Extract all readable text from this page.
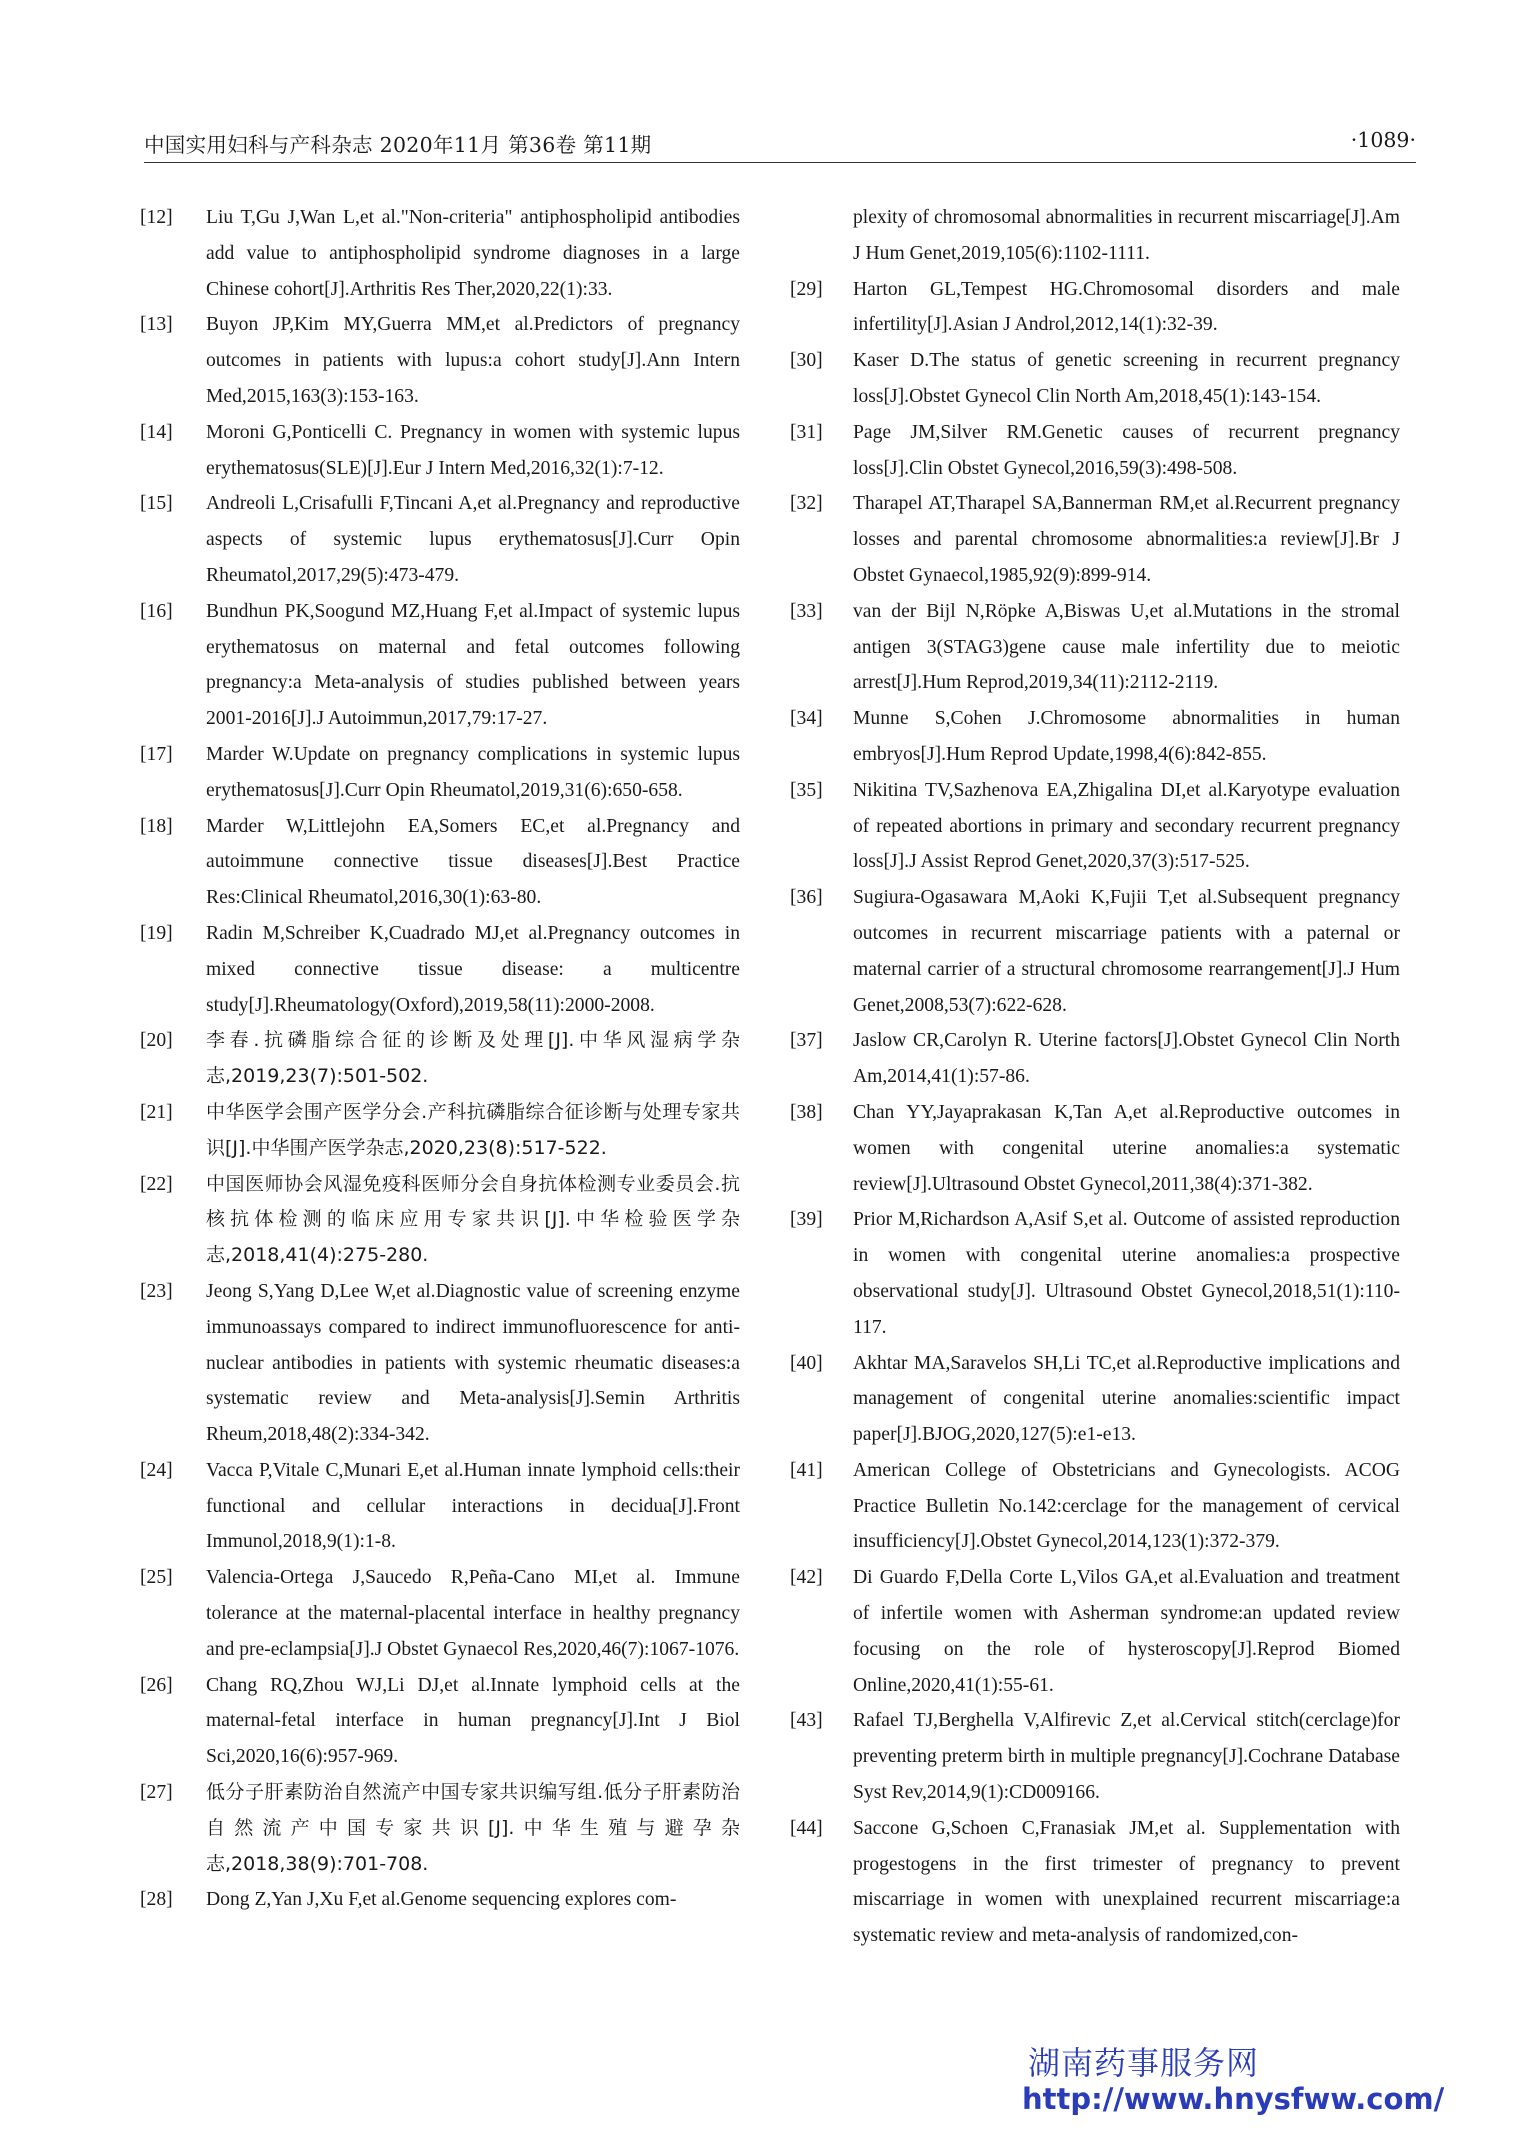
中国实用妇科与产科杂志 2020年11月 第36卷 第11期	·1089·
[12]	Liu T,Gu J,Wan L,et al."Non-criteria" antiphospholipid antibodies add value to antiphospholipid syndrome diagnoses in a large Chinese cohort[J].Arthritis Res Ther,2020,22(1):33.
[13]	Buyon JP,Kim MY,Guerra MM,et al.Predictors of pregnancy outcomes in patients with lupus:a cohort study[J].Ann Intern Med,2015,163(3):153-163.
[14]	Moroni G,Ponticelli C. Pregnancy in women with systemic lupus erythematosus(SLE)[J].Eur J Intern Med,2016,32(1):7-12.
[15]	Andreoli L,Crisafulli F,Tincani A,et al.Pregnancy and reproductive aspects of systemic lupus erythematosus[J].Curr Opin Rheumatol,2017,29(5):473-479.
[16]	Bundhun PK,Soogund MZ,Huang F,et al.Impact of systemic lupus erythematosus on maternal and fetal outcomes following pregnancy:a Meta-analysis of studies published between years 2001-2016[J].J Autoimmun,2017,79:17-27.
[17]	Marder W.Update on pregnancy complications in systemic lupus erythematosus[J].Curr Opin Rheumatol,2019,31(6):650-658.
[18]	Marder W,Littlejohn EA,Somers EC,et al.Pregnancy and autoimmune connective tissue diseases[J].Best Practice Res:Clinical Rheumatol,2016,30(1):63-80.
[19]	Radin M,Schreiber K,Cuadrado MJ,et al.Pregnancy outcomes in mixed connective tissue disease: a multicentre study[J].Rheumatology(Oxford),2019,58(11):2000-2008.
[20]	李春.抗磷脂综合征的诊断及处理[J].中华风湿病学杂志,2019,23(7):501-502.
[21]	中华医学会围产医学分会.产科抗磷脂综合征诊断与处理专家共识[J].中华围产医学杂志,2020,23(8):517-522.
[22]	中国医师协会风湿免疫科医师分会自身抗体检测专业委员会.抗核抗体检测的临床应用专家共识[J].中华检验医学杂志,2018,41(4):275-280.
[23]	Jeong S,Yang D,Lee W,et al.Diagnostic value of screening enzyme immunoassays compared to indirect immunofluorescence for anti-nuclear antibodies in patients with systemic rheumatic diseases:a systematic review and Meta-analysis[J].Semin Arthritis Rheum,2018,48(2):334-342.
[24]	Vacca P,Vitale C,Munari E,et al.Human innate lymphoid cells:their functional and cellular interactions in decidua[J].Front Immunol,2018,9(1):1-8.
[25]	Valencia-Ortega J,Saucedo R,Peña-Cano MI,et al. Immune tolerance at the maternal-placental interface in healthy pregnancy and pre-eclampsia[J].J Obstet Gynaecol Res,2020,46(7):1067-1076.
[26]	Chang RQ,Zhou WJ,Li DJ,et al.Innate lymphoid cells at the maternal-fetal interface in human pregnancy[J].Int J Biol Sci,2020,16(6):957-969.
[27]	低分子肝素防治自然流产中国专家共识编写组.低分子肝素防治自然流产中国专家共识[J].中华生殖与避孕杂志,2018,38(9):701-708.
[28]	Dong Z,Yan J,Xu F,et al.Genome sequencing explores com-
plexity of chromosomal abnormalities in recurrent miscarriage[J].Am J Hum Genet,2019,105(6):1102-1111.
[29]	Harton GL,Tempest HG.Chromosomal disorders and male infertility[J].Asian J Androl,2012,14(1):32-39.
[30]	Kaser D.The status of genetic screening in recurrent pregnancy loss[J].Obstet Gynecol Clin North Am,2018,45(1):143-154.
[31]	Page JM,Silver RM.Genetic causes of recurrent pregnancy loss[J].Clin Obstet Gynecol,2016,59(3):498-508.
[32]	Tharapel AT,Tharapel SA,Bannerman RM,et al.Recurrent pregnancy losses and parental chromosome abnormalities:a review[J].Br J Obstet Gynaecol,1985,92(9):899-914.
[33]	van der Bijl N,Röpke A,Biswas U,et al.Mutations in the stromal antigen 3(STAG3)gene cause male infertility due to meiotic arrest[J].Hum Reprod,2019,34(11):2112-2119.
[34]	Munne S,Cohen J.Chromosome abnormalities in human embryos[J].Hum Reprod Update,1998,4(6):842-855.
[35]	Nikitina TV,Sazhenova EA,Zhigalina DI,et al.Karyotype evaluation of repeated abortions in primary and secondary recurrent pregnancy loss[J].J Assist Reprod Genet,2020,37(3):517-525.
[36]	Sugiura-Ogasawara M,Aoki K,Fujii T,et al.Subsequent pregnancy outcomes in recurrent miscarriage patients with a paternal or maternal carrier of a structural chromosome rearrangement[J].J Hum Genet,2008,53(7):622-628.
[37]	Jaslow CR,Carolyn R. Uterine factors[J].Obstet Gynecol Clin North Am,2014,41(1):57-86.
[38]	Chan YY,Jayaprakasan K,Tan A,et al.Reproductive outcomes in women with congenital uterine anomalies:a systematic review[J].Ultrasound Obstet Gynecol,2011,38(4):371-382.
[39]	Prior M,Richardson A,Asif S,et al. Outcome of assisted reproduction in women with congenital uterine anomalies:a prospective observational study[J]. Ultrasound Obstet Gynecol,2018,51(1):110-117.
[40]	Akhtar MA,Saravelos SH,Li TC,et al.Reproductive implications and management of congenital uterine anomalies:scientific impact paper[J].BJOG,2020,127(5):e1-e13.
[41]	American College of Obstetricians and Gynecologists. ACOG Practice Bulletin No.142:cerclage for the management of cervical insufficiency[J].Obstet Gynecol,2014,123(1):372-379.
[42]	Di Guardo F,Della Corte L,Vilos GA,et al.Evaluation and treatment of infertile women with Asherman syndrome:an updated review focusing on the role of hysteroscopy[J].Reprod Biomed Online,2020,41(1):55-61.
[43]	Rafael TJ,Berghella V,Alfirevic Z,et al.Cervical stitch(cerclage)for preventing preterm birth in multiple pregnancy[J].Cochrane Database Syst Rev,2014,9(1):CD009166.
[44]	Saccone G,Schoen C,Franasiak JM,et al. Supplementation with progestogens in the first trimester of pregnancy to prevent miscarriage in women with unexplained recurrent miscarriage:a systematic review and meta-analysis of randomized,con-
湖南药事服务网
http://www.hnysfww.com/
